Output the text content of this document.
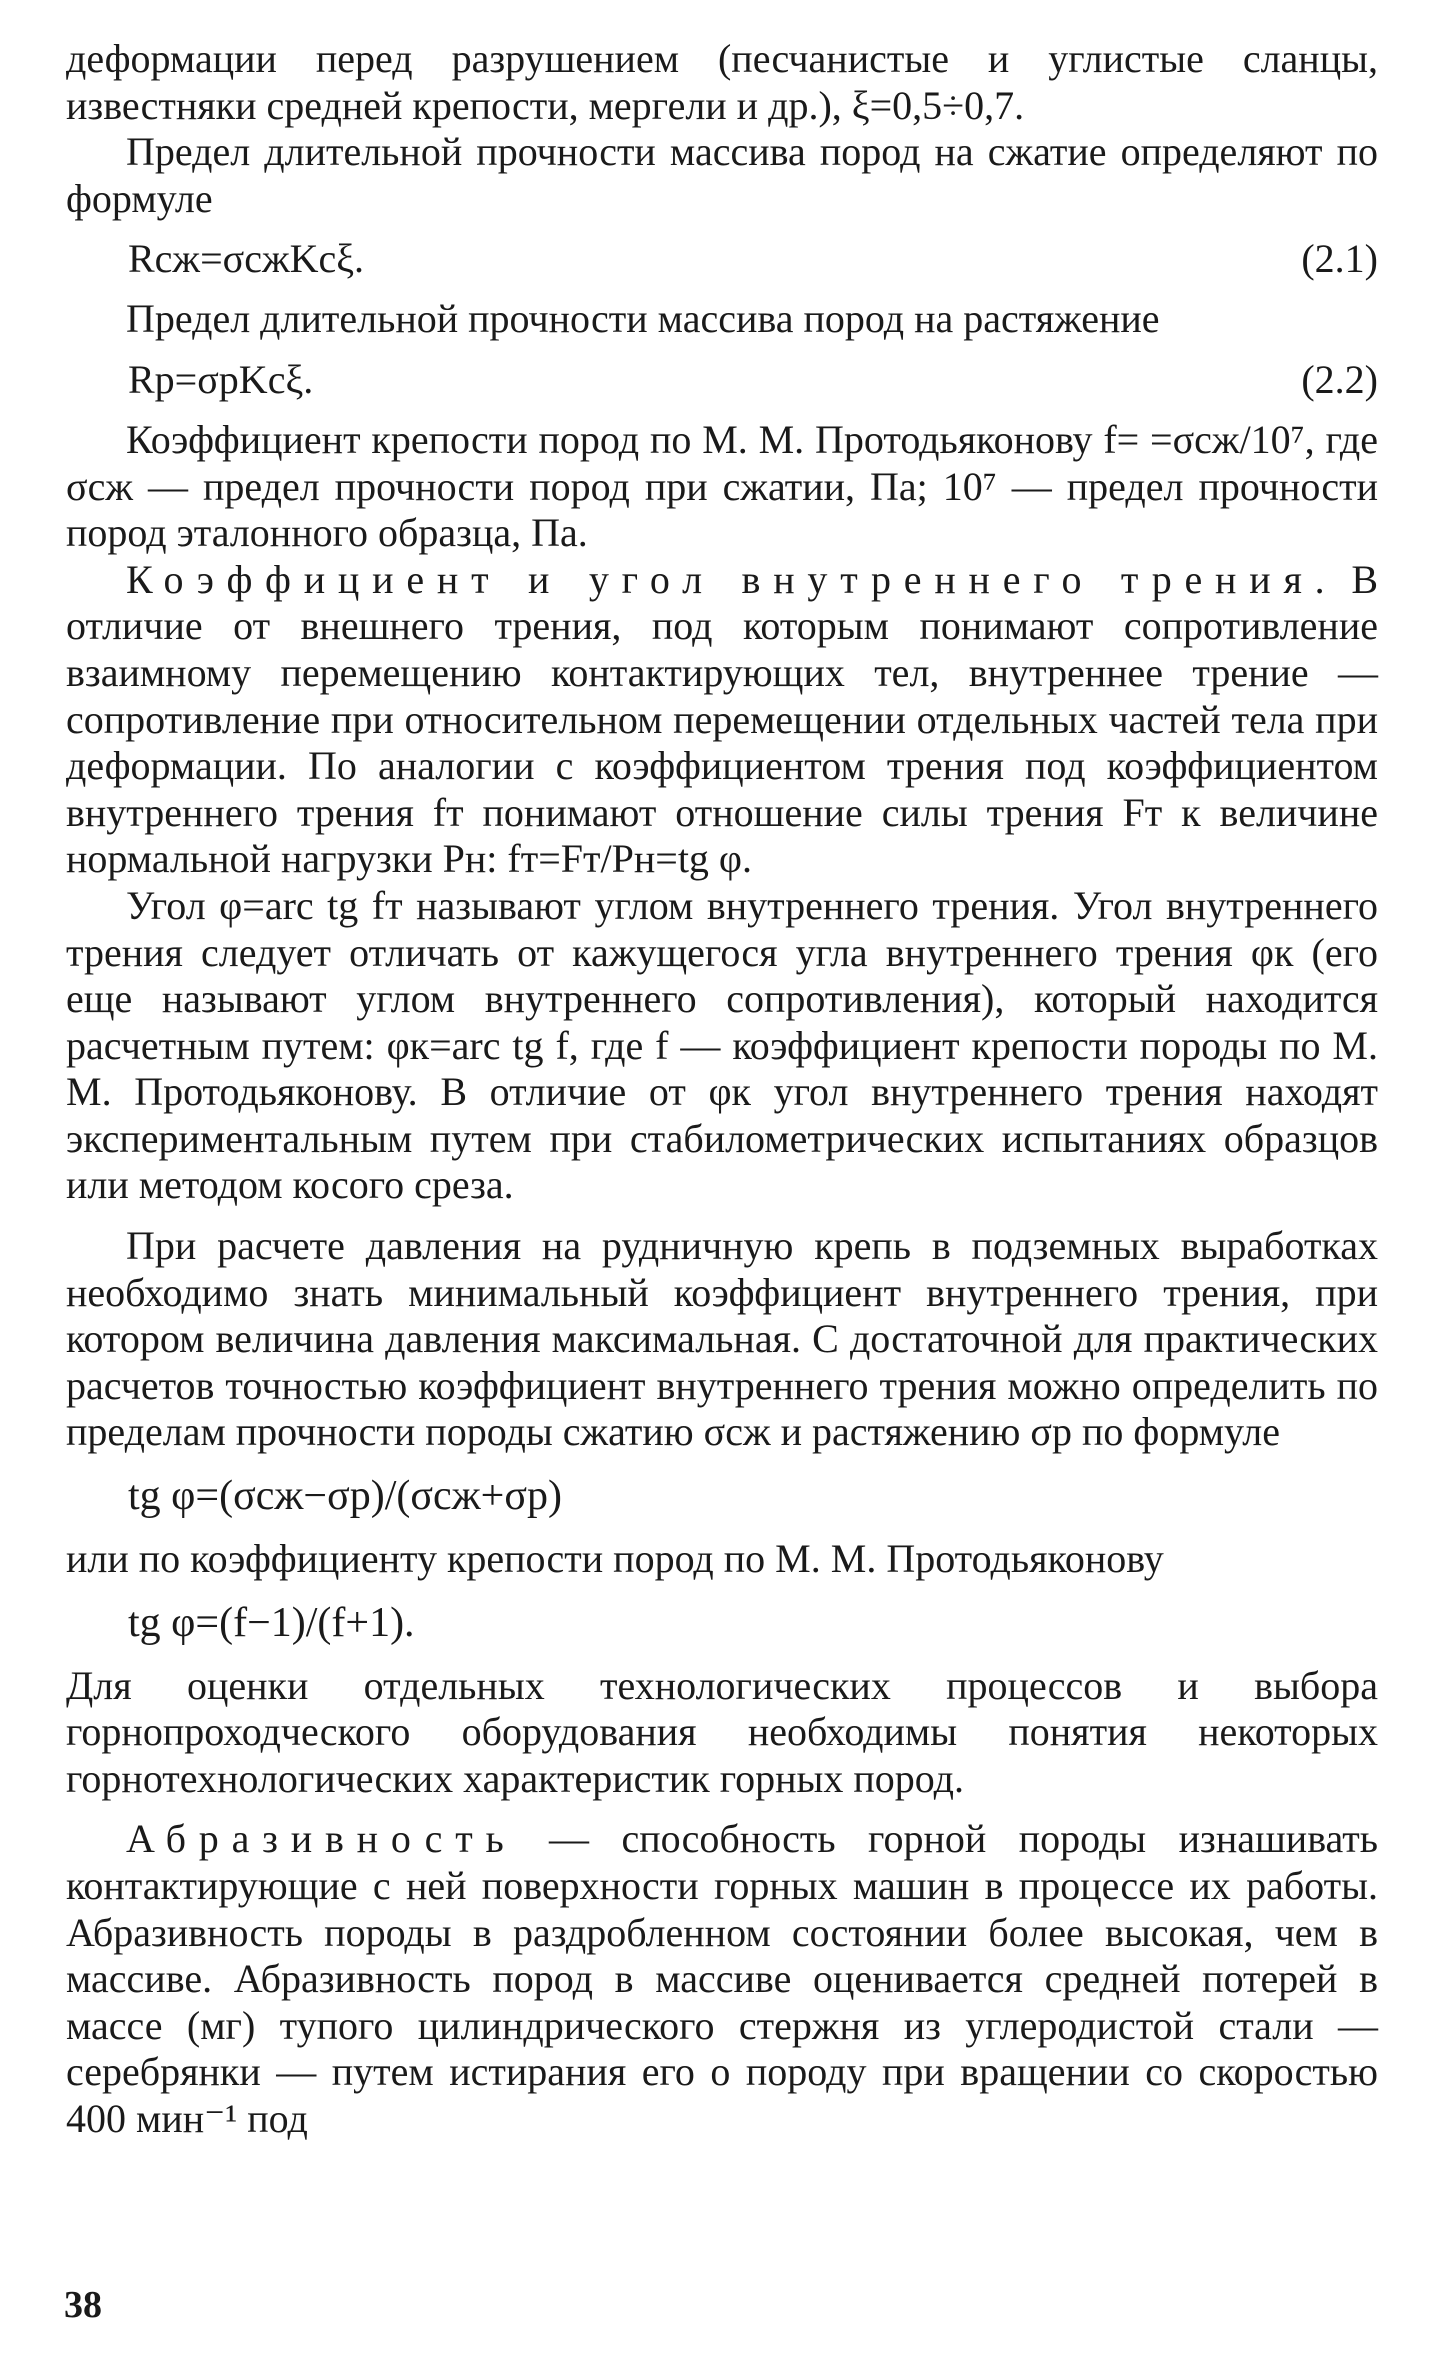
деформации перед разрушением (песчанистые и углистые сланцы, известняки средней крепости, мергели и др.), ξ=0,5÷0,7.

Предел длительной прочности массива пород на сжатие определяют по формуле

Rсж=σсжKсξ.	(2.1)

Предел длительной прочности массива пород на растяжение

Rр=σрKсξ.	(2.2)

Коэффициент крепости пород по М. М. Протодьяконову f= =σсж/10⁷, где σсж — предел прочности пород при сжатии, Па; 10⁷ — предел прочности пород эталонного образца, Па.

Коэффициент и угол внутреннего трения. В отличие от внешнего трения, под которым понимают сопротивление взаимному перемещению контактирующих тел, внутреннее трение — сопротивление при относительном перемещении отдельных частей тела при деформации. По аналогии с коэффициентом трения под коэффициентом внутреннего трения fт понимают отношение силы трения Fт к величине нормальной нагрузки Pн: fт=Fт/Pн=tg φ.

Угол φ=arc tg fт называют углом внутреннего трения. Угол внутреннего трения следует отличать от кажущегося угла внутреннего трения φк (его еще называют углом внутреннего сопротивления), который находится расчетным путем: φк=arc tg f, где f — коэффициент крепости породы по М. М. Протодьяконову. В отличие от φк угол внутреннего трения находят экспериментальным путем при стабилометрических испытаниях образцов или методом косого среза.

При расчете давления на рудничную крепь в подземных выработках необходимо знать минимальный коэффициент внутреннего трения, при котором величина давления максимальная. С достаточной для практических расчетов точностью коэффициент внутреннего трения можно определить по пределам прочности породы сжатию σсж и растяжению σр по формуле

tg φ=(σсж−σр)/(σсж+σр)

или по коэффициенту крепости пород по М. М. Протодьяконову

tg φ=(f−1)/(f+1).

Для оценки отдельных технологических процессов и выбора горнопроходческого оборудования необходимы понятия некоторых горнотехнологических характеристик горных пород.

Абразивность — способность горной породы изнашивать контактирующие с ней поверхности горных машин в процессе их работы. Абразивность породы в раздробленном состоянии более высокая, чем в массиве. Абразивность пород в массиве оценивается средней потерей в массе (мг) тупого цилиндрического стержня из углеродистой стали — серебрянки — путем истирания его о породу при вращении со скоростью 400 мин⁻¹ под

38
